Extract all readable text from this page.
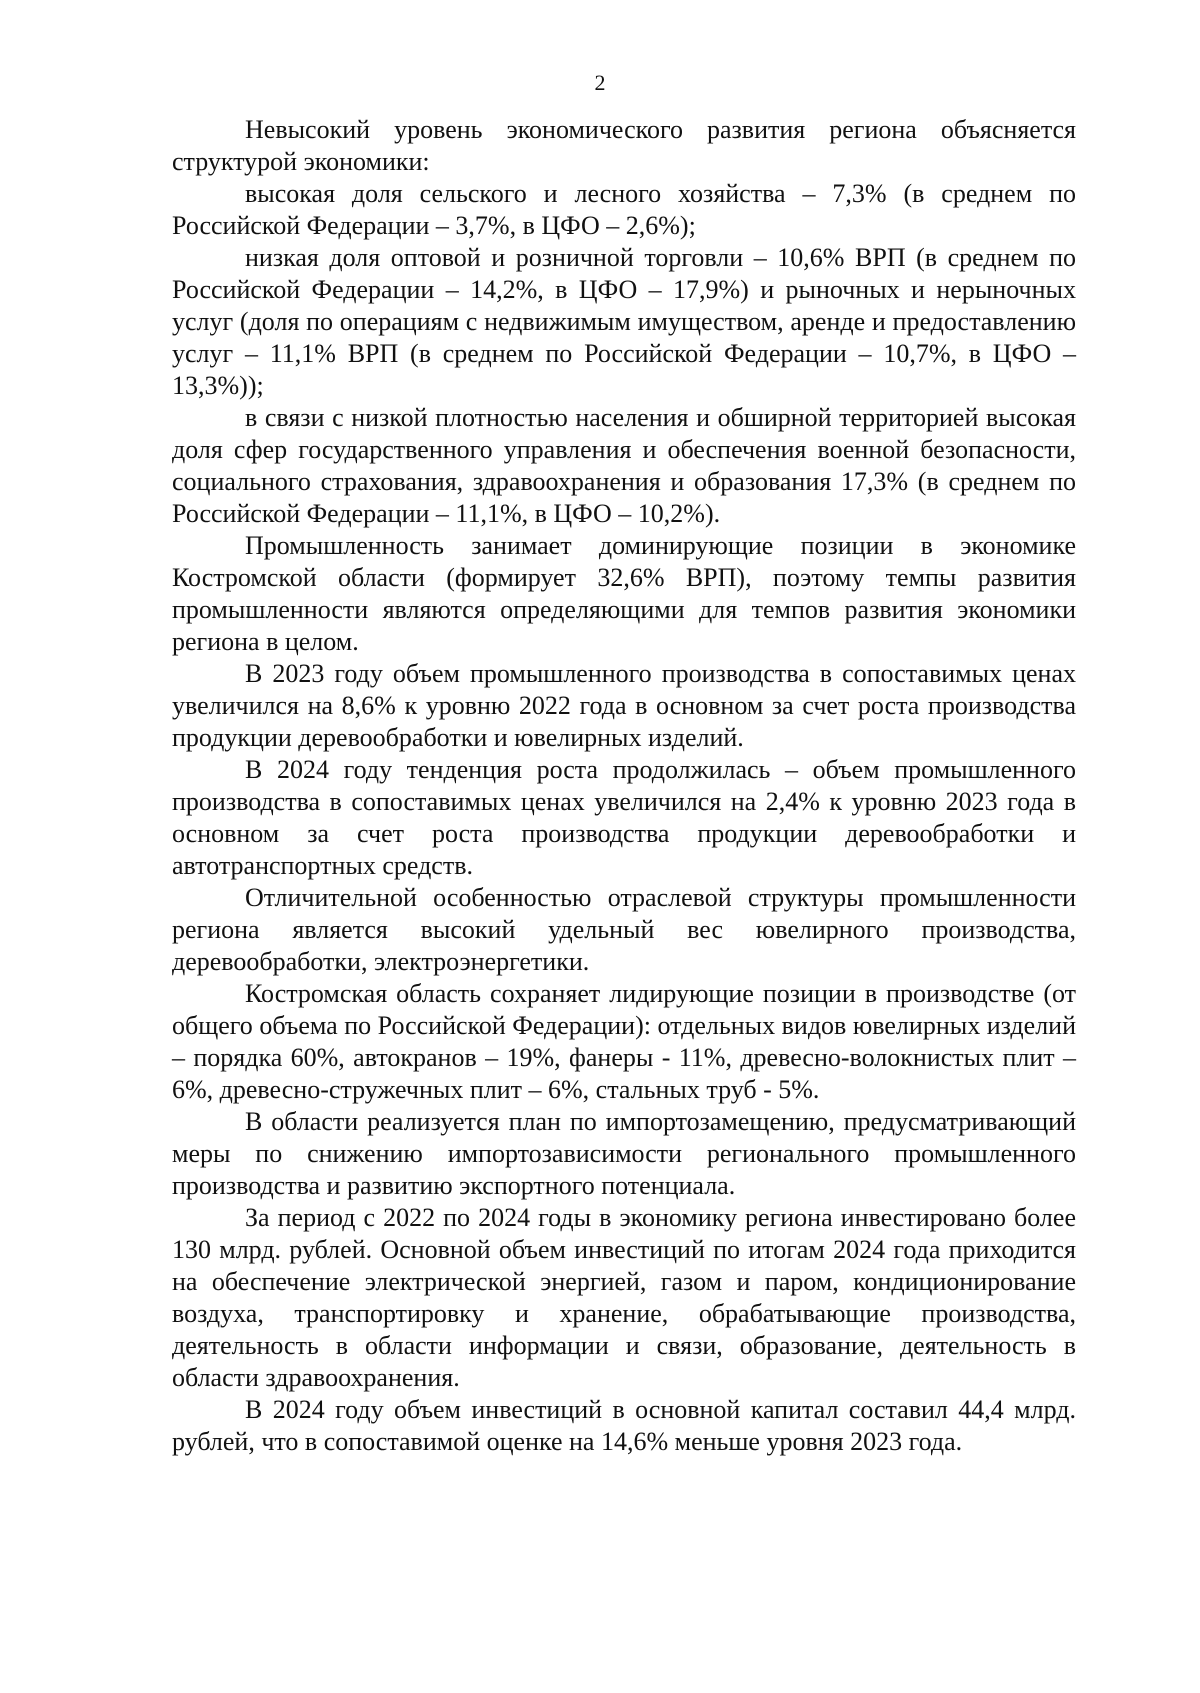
2

Невысокий уровень экономического развития региона объясняется структурой экономики:

высокая доля сельского и лесного хозяйства – 7,3% (в среднем по Российской Федерации – 3,7%, в ЦФО – 2,6%);

низкая доля оптовой и розничной торговли – 10,6% ВРП (в среднем по Российской Федерации – 14,2%, в ЦФО – 17,9%) и рыночных и нерыночных услуг (доля по операциям с недвижимым имуществом, аренде и предоставлению услуг – 11,1% ВРП (в среднем по Российской Федерации – 10,7%, в ЦФО – 13,3%));

в связи с низкой плотностью населения и обширной территорией высокая доля сфер государственного управления и обеспечения военной безопасности, социального страхования, здравоохранения и образования 17,3% (в среднем по Российской Федерации – 11,1%, в ЦФО – 10,2%).

Промышленность занимает доминирующие позиции в экономике Костромской области (формирует 32,6% ВРП), поэтому темпы развития промышленности являются определяющими для темпов развития экономики региона в целом.

В 2023 году объем промышленного производства в сопоставимых ценах увеличился на 8,6% к уровню 2022 года в основном за счет роста производства продукции деревообработки и ювелирных изделий.

В 2024 году тенденция роста продолжилась – объем промышленного производства в сопоставимых ценах увеличился на 2,4% к уровню 2023 года в основном за счет роста производства продукции деревообработки и автотранспортных средств.

Отличительной особенностью отраслевой структуры промышленности региона является высокий удельный вес ювелирного производства, деревообработки, электроэнергетики.

Костромская область сохраняет лидирующие позиции в производстве (от общего объема по Российской Федерации): отдельных видов ювелирных изделий – порядка 60%, автокранов – 19%, фанеры - 11%, древесно-волокнистых плит – 6%, древесно-стружечных плит – 6%, стальных труб - 5%.

В области реализуется план по импортозамещению, предусматривающий меры по снижению импортозависимости регионального промышленного производства и развитию экспортного потенциала.

За период с 2022 по 2024 годы в экономику региона инвестировано более 130 млрд. рублей. Основной объем инвестиций по итогам 2024 года приходится на обеспечение электрической энергией, газом и паром, кондиционирование воздуха, транспортировку и хранение, обрабатывающие производства, деятельность в области информации и связи, образование, деятельность в области здравоохранения.

В 2024 году объем инвестиций в основной капитал составил 44,4 млрд. рублей, что в сопоставимой оценке на 14,6% меньше уровня 2023 года.
